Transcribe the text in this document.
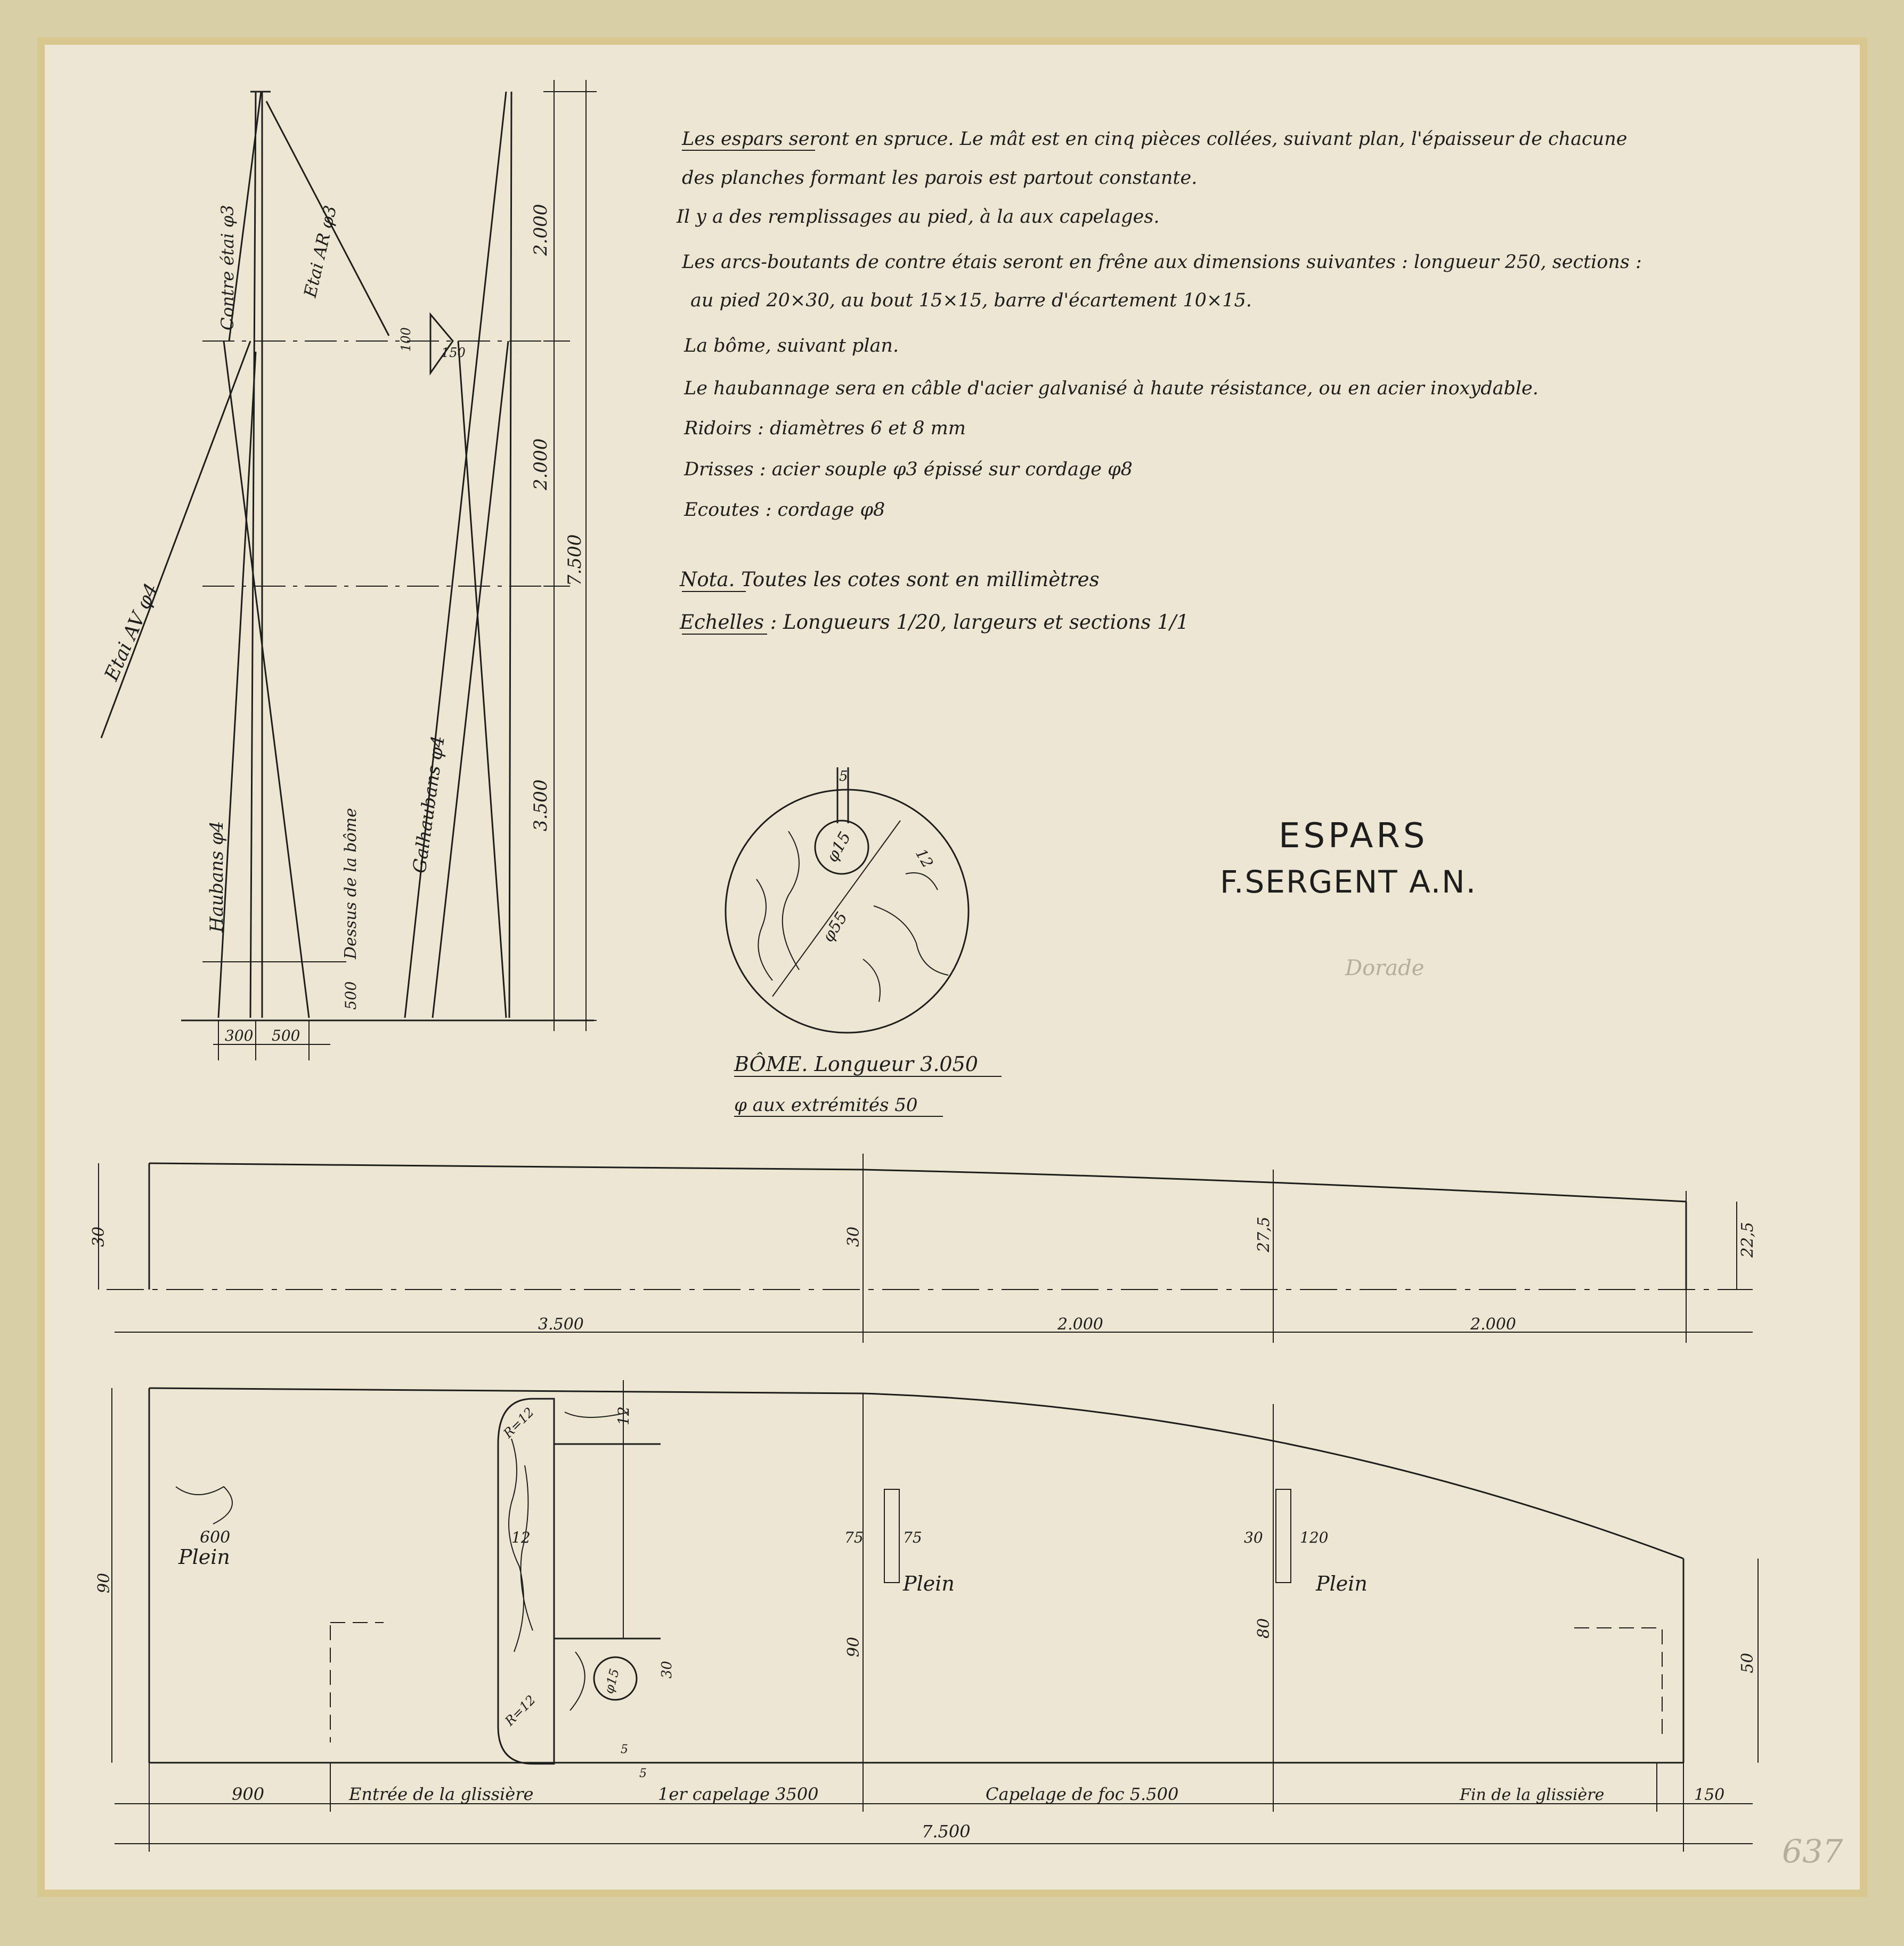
Contre étai φ3	Etai AR φ3
Etai AV φ4
Haubans φ4
Galhaubans φ4
Dessus de la bôme
100
150
2.000
2.000
3.500
7.500
500
300 500
Les espars seront en spruce. Le mât est en cinq pièces collées, suivant plan, l'épaisseur de chacune
des planches formant les parois est partout constante.
Il y a des remplissages au pied, à la aux capelages.
Les arcs-boutants de contre étais seront en frêne aux dimensions suivantes : longueur 250, sections :
au pied 20×30, au bout 15×15, barre d'écartement 10×15.
La bôme, suivant plan.
Le haubannage sera en câble d'acier galvanisé à haute résistance, ou en acier inoxydable.
Ridoirs : diamètres 6 et 8 mm
Drisses : acier souple φ3 épissé sur cordage φ8
Ecoutes : cordage φ8
Nota. Toutes les cotes sont en millimètres
Echelles : Longueurs 1/20, largeurs et sections 1/1
5
φ15
φ55
12
BÔME. Longueur 3.050
φ aux extrémités 50
ESPARS
F.SERGENT A.N.
Dorade
30	30	27,5	22,5
3.500	2.000	2.000
90
90
80
50
Plein
Plein	Plein
600
R=12
R=12
12
12
75	75	30 120
φ15	30
5
5
900	Entrée de la glissière	1er capelage 3500	Capelage de foc 5.500	Fin de la glissière	150
7.500
637
